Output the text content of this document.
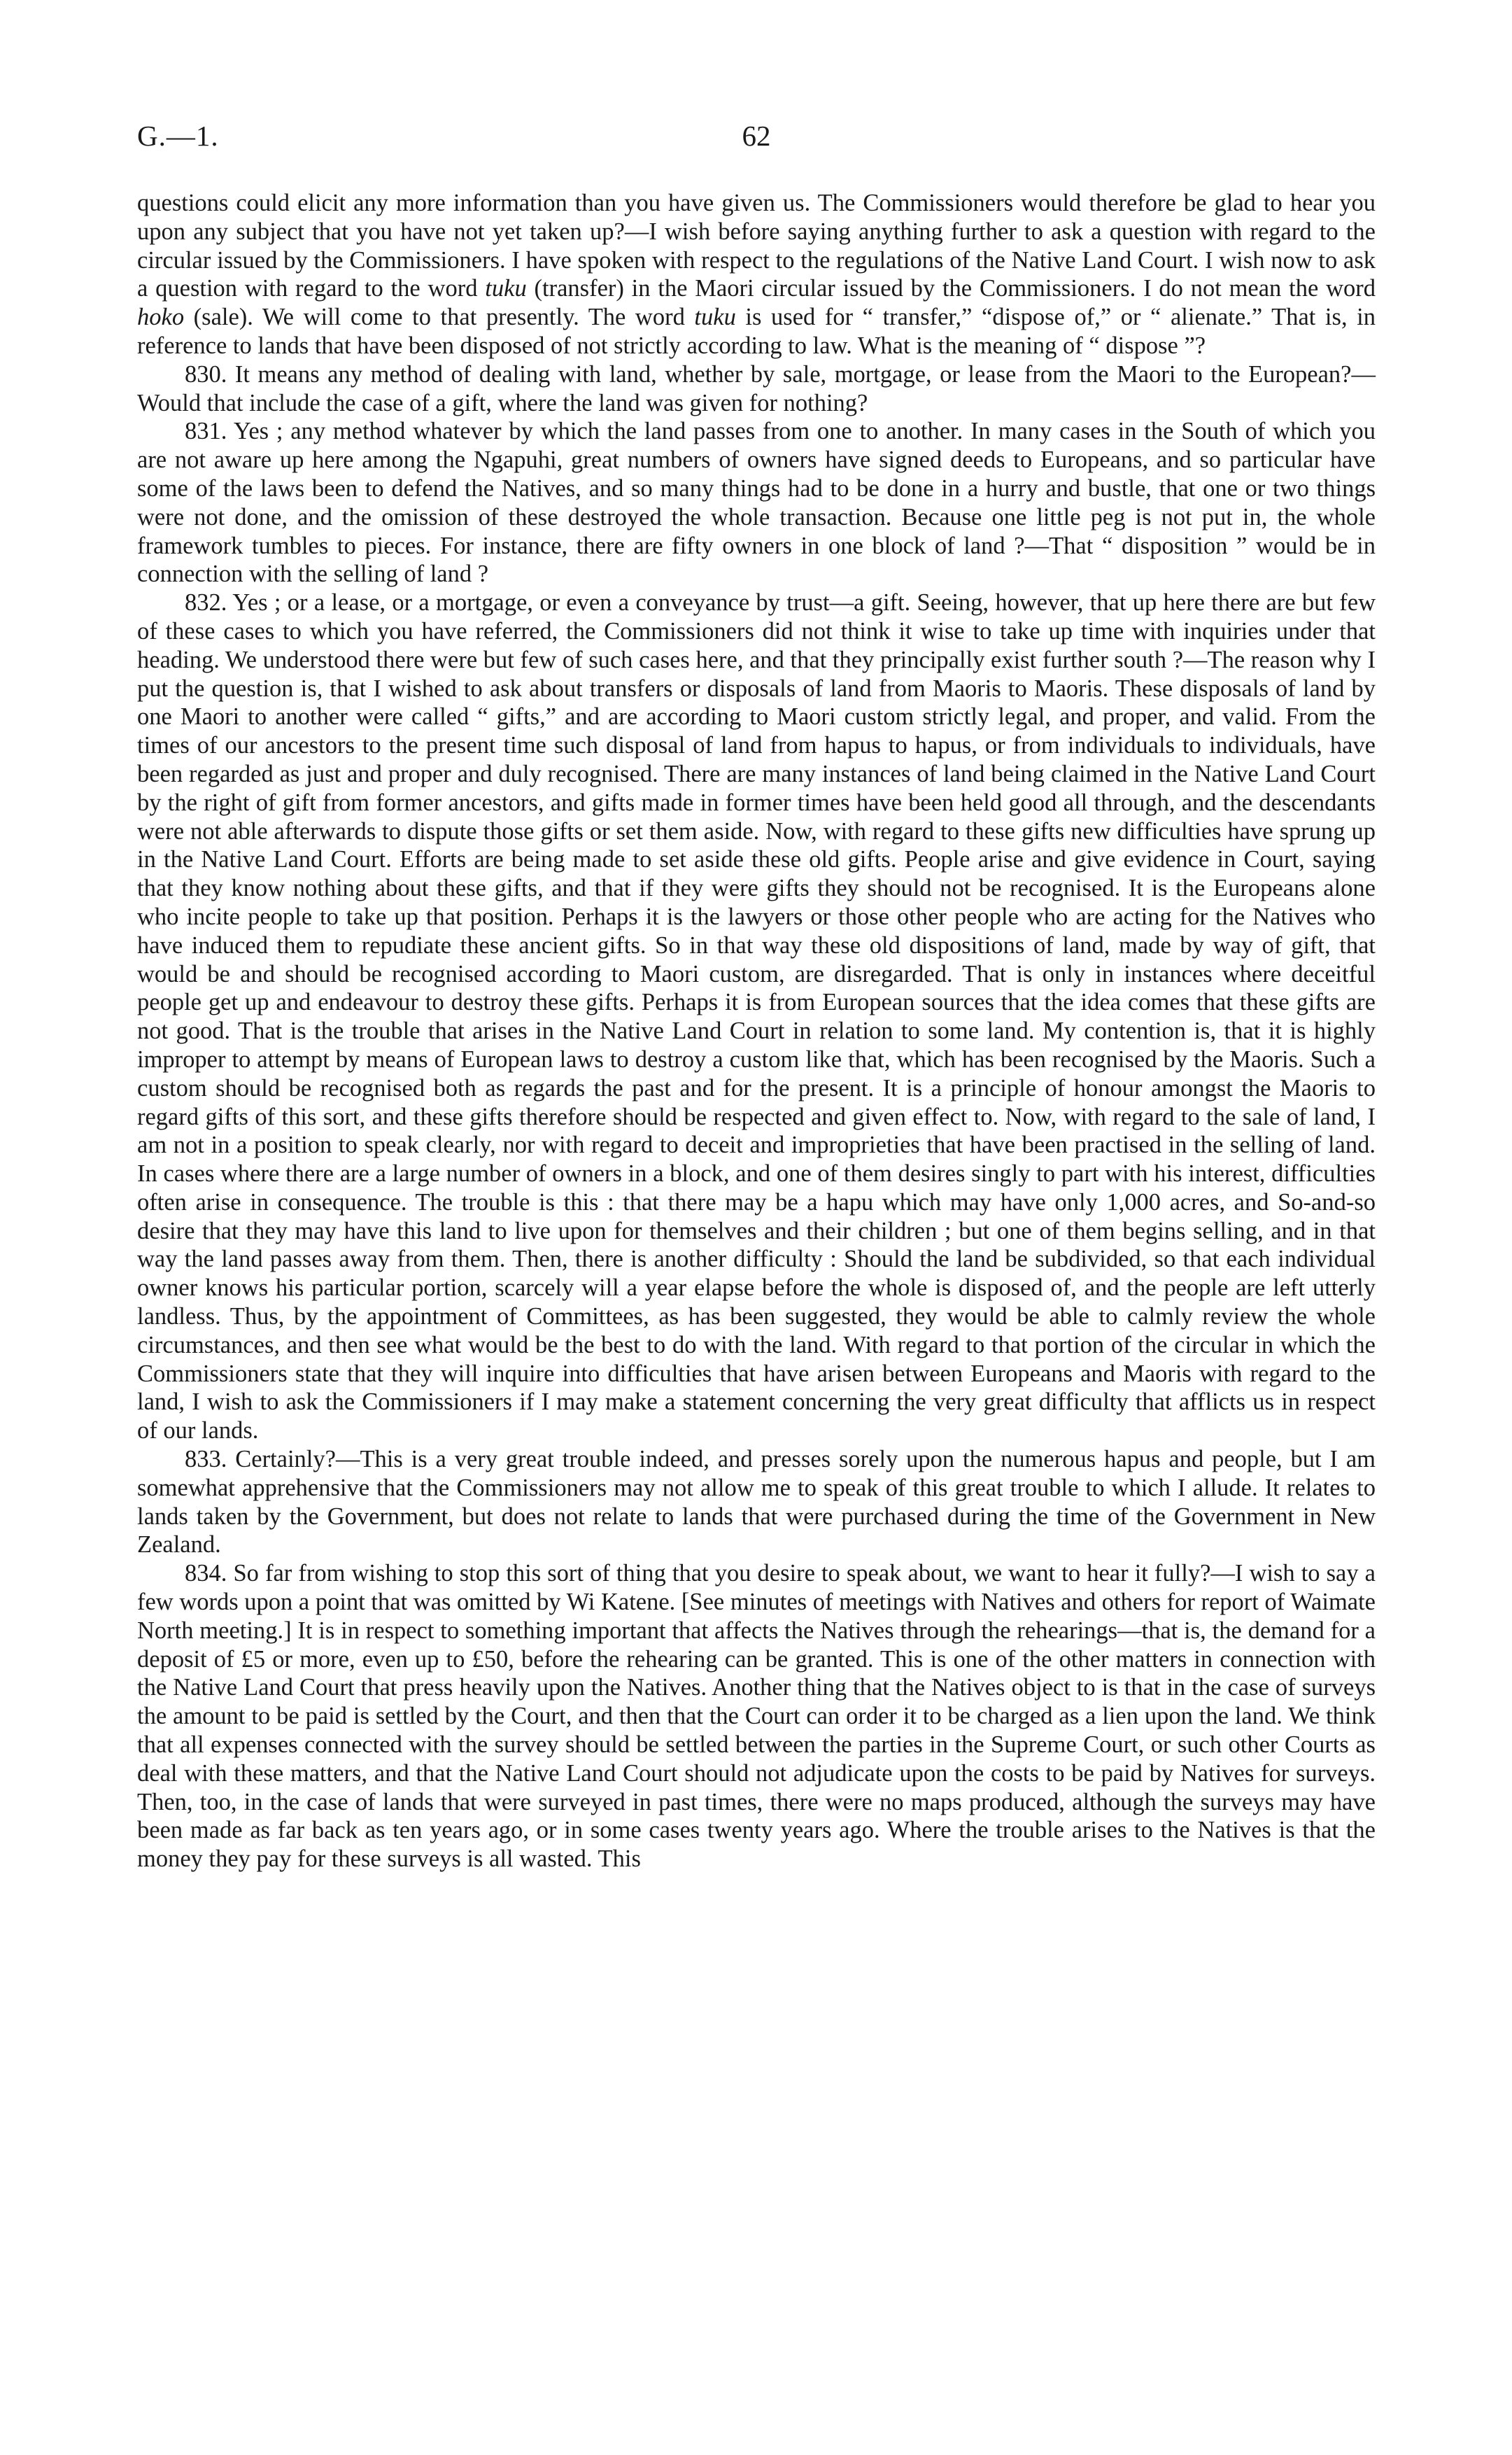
G.—1.	62

questions could elicit any more information than you have given us. The Commissioners would therefore be glad to hear you upon any subject that you have not yet taken up?—I wish before saying anything further to ask a question with regard to the circular issued by the Commissioners. I have spoken with respect to the regulations of the Native Land Court. I wish now to ask a question with regard to the word tuku (transfer) in the Maori circular issued by the Commissioners. I do not mean the word hoko (sale). We will come to that presently. The word tuku is used for “ transfer,” “dispose of,” or “ alienate.” That is, in reference to lands that have been disposed of not strictly according to law. What is the meaning of “ dispose ”?

830. It means any method of dealing with land, whether by sale, mortgage, or lease from the Maori to the European?—Would that include the case of a gift, where the land was given for nothing?

831. Yes ; any method whatever by which the land passes from one to another. In many cases in the South of which you are not aware up here among the Ngapuhi, great numbers of owners have signed deeds to Europeans, and so particular have some of the laws been to defend the Natives, and so many things had to be done in a hurry and bustle, that one or two things were not done, and the omission of these destroyed the whole transaction. Because one little peg is not put in, the whole framework tumbles to pieces. For instance, there are fifty owners in one block of land ?—That “ disposition ” would be in connection with the selling of land ?

832. Yes ; or a lease, or a mortgage, or even a conveyance by trust—a gift. Seeing, however, that up here there are but few of these cases to which you have referred, the Commissioners did not think it wise to take up time with inquiries under that heading. We understood there were but few of such cases here, and that they principally exist further south ?—The reason why I put the question is, that I wished to ask about transfers or disposals of land from Maoris to Maoris. These disposals of land by one Maori to another were called “ gifts,” and are according to Maori custom strictly legal, and proper, and valid. From the times of our ancestors to the present time such disposal of land from hapus to hapus, or from individuals to individuals, have been regarded as just and proper and duly recognised. There are many instances of land being claimed in the Native Land Court by the right of gift from former ancestors, and gifts made in former times have been held good all through, and the descendants were not able afterwards to dispute those gifts or set them aside. Now, with regard to these gifts new difficulties have sprung up in the Native Land Court. Efforts are being made to set aside these old gifts. People arise and give evidence in Court, saying that they know nothing about these gifts, and that if they were gifts they should not be recognised. It is the Europeans alone who incite people to take up that position. Perhaps it is the lawyers or those other people who are acting for the Natives who have induced them to repudiate these ancient gifts. So in that way these old dispositions of land, made by way of gift, that would be and should be recognised according to Maori custom, are disregarded. That is only in instances where deceitful people get up and endeavour to destroy these gifts. Perhaps it is from European sources that the idea comes that these gifts are not good. That is the trouble that arises in the Native Land Court in relation to some land. My contention is, that it is highly improper to attempt by means of European laws to destroy a custom like that, which has been recognised by the Maoris. Such a custom should be recognised both as regards the past and for the present. It is a principle of honour amongst the Maoris to regard gifts of this sort, and these gifts therefore should be respected and given effect to. Now, with regard to the sale of land, I am not in a position to speak clearly, nor with regard to deceit and improprieties that have been practised in the selling of land. In cases where there are a large number of owners in a block, and one of them desires singly to part with his interest, difficulties often arise in consequence. The trouble is this : that there may be a hapu which may have only 1,000 acres, and So-and-so desire that they may have this land to live upon for themselves and their children ; but one of them begins selling, and in that way the land passes away from them. Then, there is another difficulty : Should the land be subdivided, so that each individual owner knows his particular portion, scarcely will a year elapse before the whole is disposed of, and the people are left utterly landless. Thus, by the appointment of Committees, as has been suggested, they would be able to calmly review the whole circumstances, and then see what would be the best to do with the land. With regard to that portion of the circular in which the Commissioners state that they will inquire into difficulties that have arisen between Europeans and Maoris with regard to the land, I wish to ask the Commissioners if I may make a statement concerning the very great difficulty that afflicts us in respect of our lands.

833. Certainly?—This is a very great trouble indeed, and presses sorely upon the numerous hapus and people, but I am somewhat apprehensive that the Commissioners may not allow me to speak of this great trouble to which I allude. It relates to lands taken by the Government, but does not relate to lands that were purchased during the time of the Government in New Zealand.

834. So far from wishing to stop this sort of thing that you desire to speak about, we want to hear it fully?—I wish to say a few words upon a point that was omitted by Wi Katene. [See minutes of meetings with Natives and others for report of Waimate North meeting.] It is in respect to something important that affects the Natives through the rehearings—that is, the demand for a deposit of £5 or more, even up to £50, before the rehearing can be granted. This is one of the other matters in connection with the Native Land Court that press heavily upon the Natives. Another thing that the Natives object to is that in the case of surveys the amount to be paid is settled by the Court, and then that the Court can order it to be charged as a lien upon the land. We think that all expenses connected with the survey should be settled between the parties in the Supreme Court, or such other Courts as deal with these matters, and that the Native Land Court should not adjudicate upon the costs to be paid by Natives for surveys. Then, too, in the case of lands that were surveyed in past times, there were no maps produced, although the surveys may have been made as far back as ten years ago, or in some cases twenty years ago. Where the trouble arises to the Natives is that the money they pay for these surveys is all wasted. This
